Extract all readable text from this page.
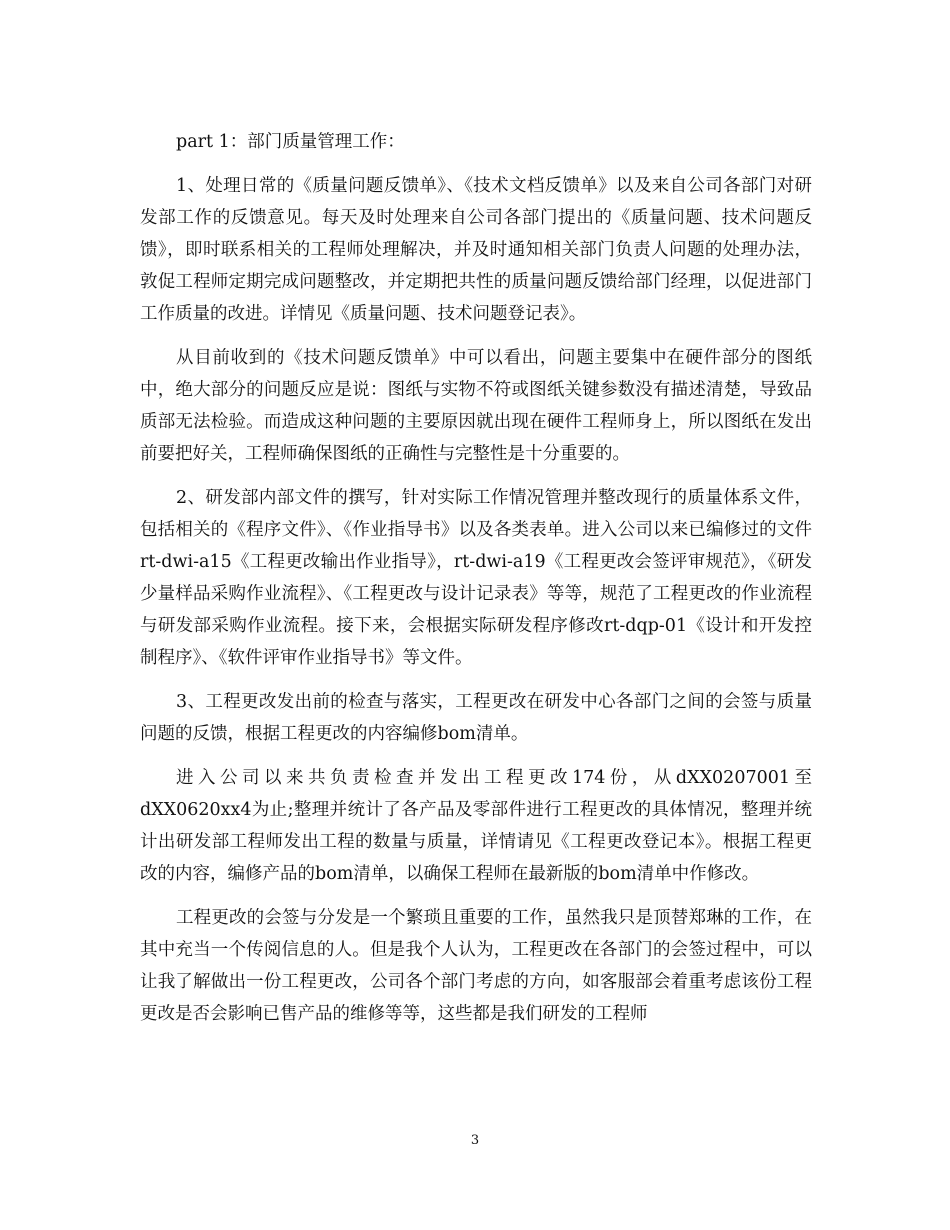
part 1：部门质量管理工作：

1、处理日常的《质量问题反馈单》、《技术文档反馈单》以及来自公司各部门对研发部工作的反馈意见。每天及时处理来自公司各部门提出的《质量问题、技术问题反馈》，即时联系相关的工程师处理解决，并及时通知相关部门负责人问题的处理办法，敦促工程师定期完成问题整改，并定期把共性的质量问题反馈给部门经理，以促进部门工作质量的改进。详情见《质量问题、技术问题登记表》。

从目前收到的《技术问题反馈单》中可以看出，问题主要集中在硬件部分的图纸中，绝大部分的问题反应是说：图纸与实物不符或图纸关键参数没有描述清楚，导致品质部无法检验。而造成这种问题的主要原因就出现在硬件工程师身上，所以图纸在发出前要把好关，工程师确保图纸的正确性与完整性是十分重要的。

2、研发部内部文件的撰写，针对实际工作情况管理并整改现行的质量体系文件，包括相关的《程序文件》、《作业指导书》以及各类表单。进入公司以来已编修过的文件rt-dwi-a15《工程更改输出作业指导》，rt-dwi-a19《工程更改会签评审规范》，《研发少量样品采购作业流程》、《工程更改与设计记录表》等等，规范了工程更改的作业流程与研发部采购作业流程。接下来，会根据实际研发程序修改rt-dqp-01《设计和开发控制程序》、《软件评审作业指导书》等文件。

3、工程更改发出前的检查与落实，工程更改在研发中心各部门之间的会签与质量问题的反馈，根据工程更改的内容编修bom清单。

进入公司以来共负责检查并发出工程更改174份，从dXX0207001至dXX0620xx4为止;整理并统计了各产品及零部件进行工程更改的具体情况，整理并统计出研发部工程师发出工程的数量与质量，详情请见《工程更改登记本》。根据工程更改的内容，编修产品的bom清单，以确保工程师在最新版的bom清单中作修改。

工程更改的会签与分发是一个繁琐且重要的工作，虽然我只是顶替郑琳的工作，在其中充当一个传阅信息的人。但是我个人认为，工程更改在各部门的会签过程中，可以让我了解做出一份工程更改，公司各个部门考虑的方向，如客服部会着重考虑该份工程更改是否会影响已售产品的维修等等，这些都是我们研发的工程师

3
